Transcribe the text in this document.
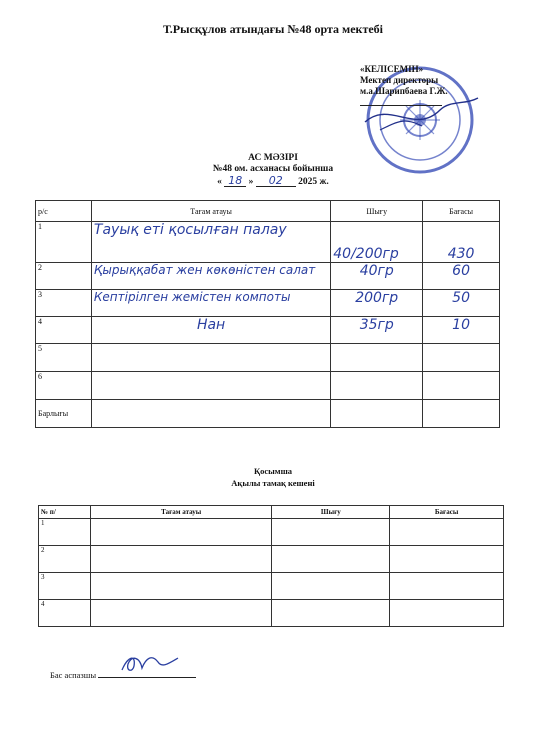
Т.Рысқұлов атындағы №48 орта мектебі
«КЕЛІСЕМІН»
Мектеп директоры
м.а.Шарипбаева Г.Ж.
АС МӘЗІРІ
№48 ом. асханасы бойынша
« 18 » 02 2025 ж.
р/с	Тағам атауы	Шығу	Бағасы
1	Тауық еті қосылған палау	40/200гр	430
2	Қырыққабат жен көкөністен салат	40гр	60
3	Кептірілген жемістен компоты	200гр	50
4	Нан	35гр	10
5			
6			
Барлығы			
Қосымша
Ақылы тамақ кешені
№ п/	Тағам атауы	Шығу	Бағасы
1			
2			
3			
4			
Бас аспазшы
